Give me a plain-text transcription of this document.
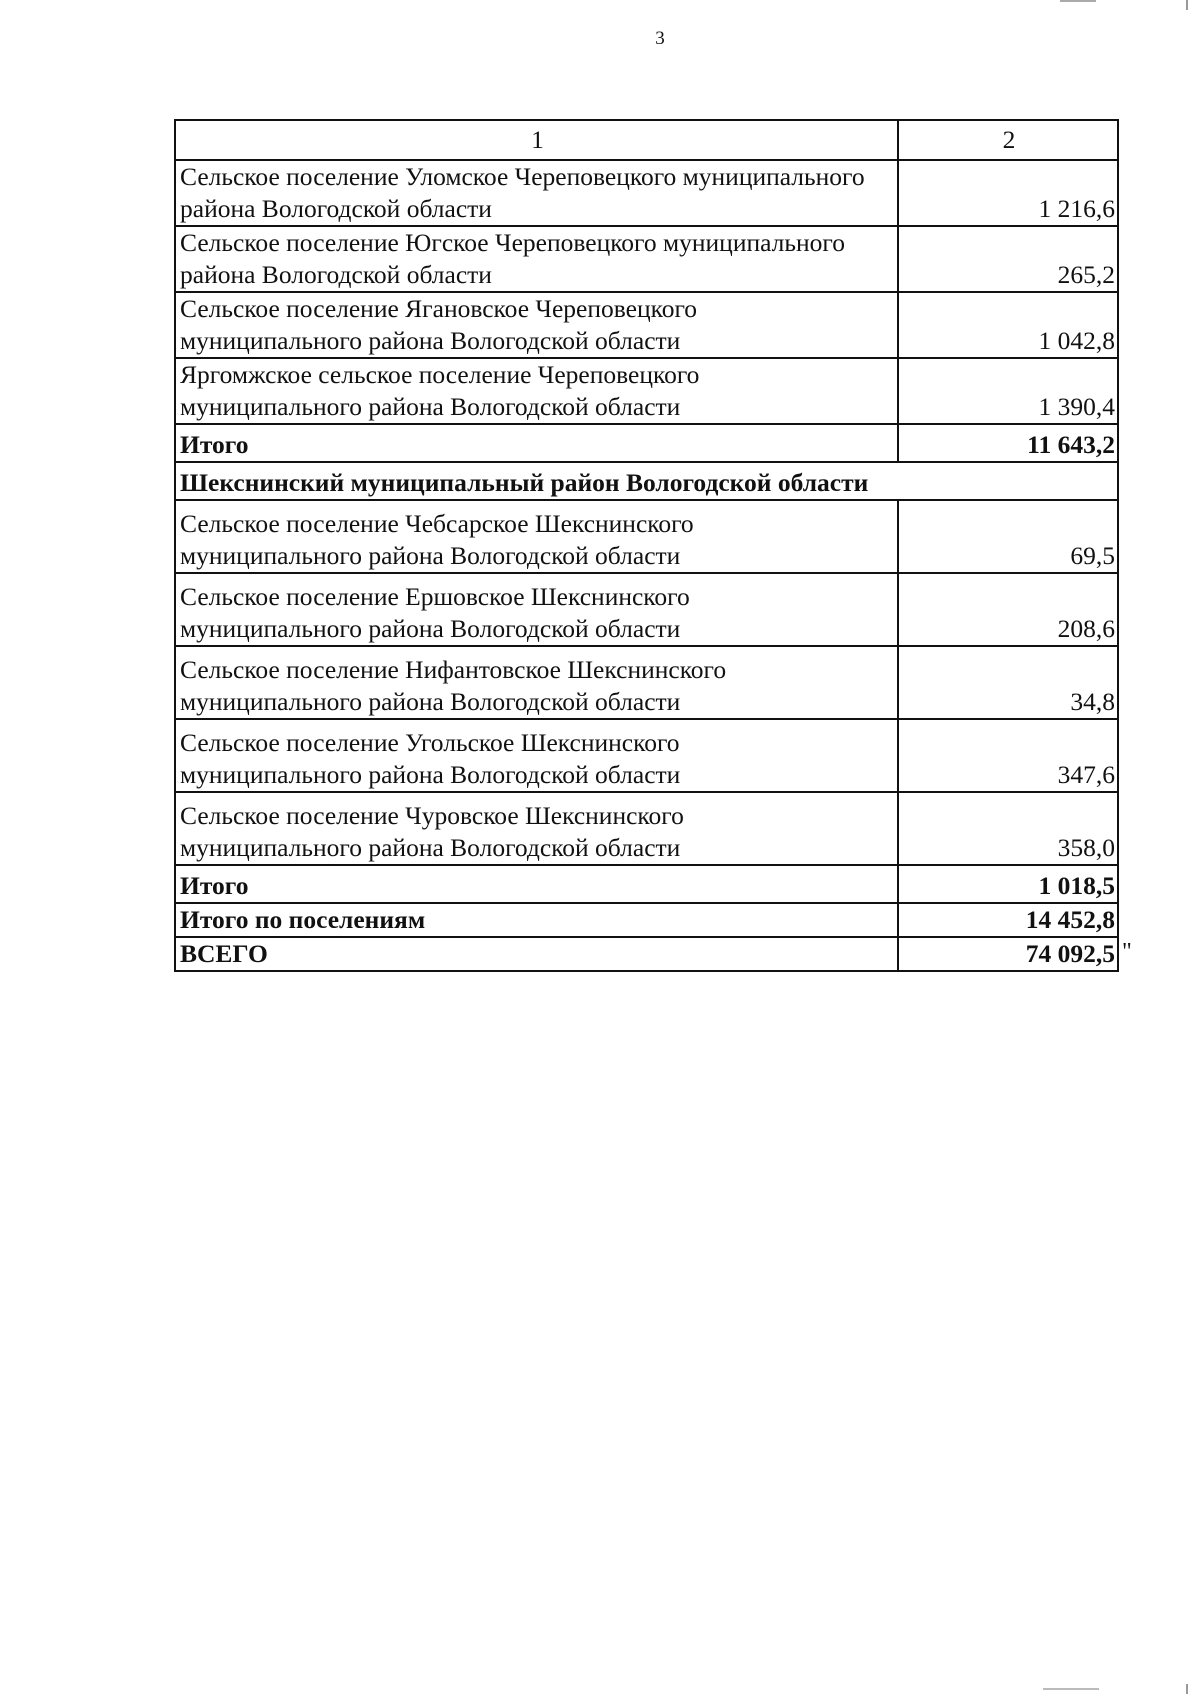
3
1	2

Сельское поселение Уломское Череповецкого муниципального
района Вологодской области	1 216,6

Сельское поселение Югское Череповецкого муниципального
района Вологодской области	265,2

Сельское поселение Ягановское Череповецкого
муниципального района Вологодской области	1 042,8

Яргомжское сельское поселение Череповецкого
муниципального района Вологодской области	1 390,4
Итого	11 643,2
Шекснинский муниципальный район Вологодской области	

Сельское поселение Чебсарское Шекснинского
муниципального района Вологодской области	69,5

Сельское поселение Ершовское Шекснинского
муниципального района Вологодской области	208,6

Сельское поселение Нифантовское Шекснинского
муниципального района Вологодской области	34,8

Сельское поселение Угольское Шекснинского
муниципального района Вологодской области	347,6

Сельское поселение Чуровское Шекснинского
муниципального района Вологодской области	358,0
Итого	1 018,5
Итого по поселениям	14 452,8
ВСЕГО	74 092,5 "
